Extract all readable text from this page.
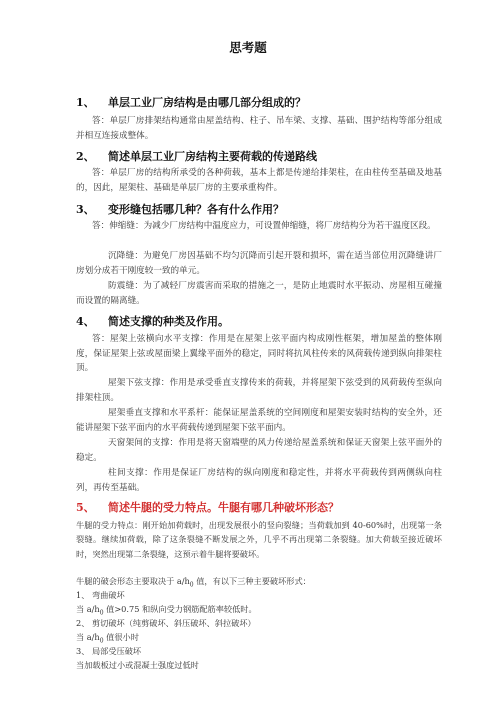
思考题
1、 单层工业厂房结构是由哪几部分组成的？
答：单层厂房排架结构通常由屋盖结构、柱子、吊车梁、支撑、基础、围护结构等部分组成并相互连接成整体。
2、 简述单层工业厂房结构主要荷载的传递路线
答：单层厂房的结构所承受的各种荷载，基本上都是传递给排架柱，在由柱传至基础及地基的，因此，屋架柱、基础是单层厂房的主要承重构件。
3、 变形缝包括哪几种？各有什么作用？
答：伸缩缝：为减少厂房结构中温度应力，可设置伸缩缝，将厂房结构分为若干温度区段。
沉降缝：为避免厂房因基础不均匀沉降而引起开裂和损坏，需在适当部位用沉降缝讲厂房划分成若干刚度较一致的单元。
防震缝：为了减轻厂房震害而采取的措施之一，是防止地震时水平振动、房屋相互碰撞而设置的隔离缝。
4、 简述支撑的种类及作用。
答：屋架上弦横向水平支撑：作用是在屋架上弦平面内构成刚性框架，增加屋盖的整体刚度，保证屋架上弦或屋面梁上翼缘平面外的稳定，同时将抗风柱传来的风荷载传递到纵向排架柱顶。
屋架下弦支撑：作用是承受垂直支撑传来的荷载，并将屋架下弦受到的风荷载传至纵向排架柱顶。
屋架垂直支撑和水平系杆：能保证屋盖系统的空间刚度和屋架安装时结构的安全外，还能讲屋架下弦平面内的水平荷载传递到屋架下弦平面内。
天窗架间的支撑：作用是将天窗端壁的风力传递给屋盖系统和保证天窗架上弦平面外的稳定。
柱间支撑：作用是保证厂房结构的纵向刚度和稳定性，并将水平荷载传到两侧纵向柱列，再传至基础。
5、 简述牛腿的受力特点。牛腿有哪几种破坏形态？
牛腿的受力特点：刚开始加荷载时，出现发展很小的竖向裂缝；当荷载加到 40-60%时，出现第一条裂缝。继续加荷载，除了这条裂缝不断发展之外，几乎不再出现第二条裂缝。加大荷载至接近破坏时，突然出现第二条裂缝，这预示着牛腿将要破坏。
牛腿的破会形态主要取决于 $a/h_0$ 值，有以下三种主要破坏形式：
1、 弯曲破坏
当 $a/h_0$ 值>0.75 和纵向受力钢筋配筋率较低时。
2、 剪切破坏（纯剪破坏、斜压破坏、斜拉破坏）
当 $a/h_0$ 值很小时
3、 局部受压破坏
当加载板过小或混凝土强度过低时
